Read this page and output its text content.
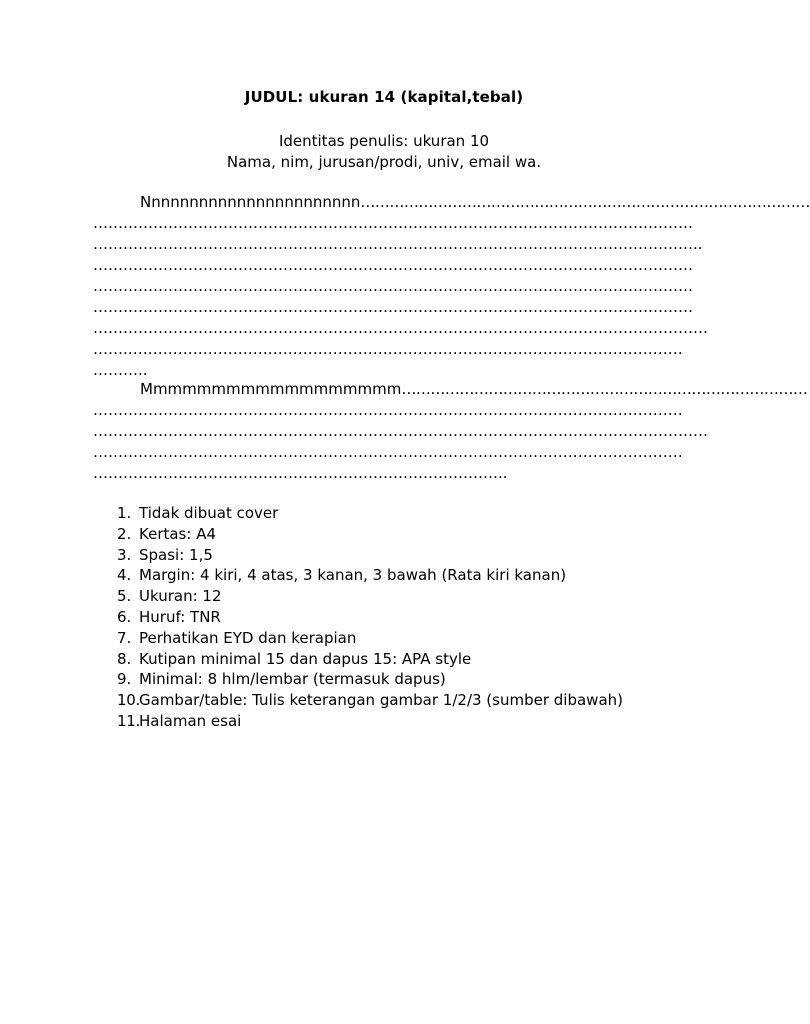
JUDUL: ukuran 14 (kapital,tebal)
Identitas penulis: ukuran 10
Nama, nim, jurusan/prodi, univ, email wa.
Nnnnnnnnnnnnnnnnnnnnnnn…………………………………………………………………………………
…………………………………………………………………………………………………………
…………………………………………………………………………………………………………..
…………………………………………………………………………………………………………
…………………………………………………………………………………………………………
…………………………………………………………………………………………………………
……………………………………………………………………………………………………………
…….…………………………………………………………………………………………………
………..
Mmmmmmmmmmmmmmmmmm…………………………………………………………………………
……………………………………………………………………………….………………………
……………………………………………………………………………………………………………
……………………………………………………………………………….………………………
………………………………………………………………………..
1. Tidak dibuat cover
2. Kertas: A4
3. Spasi: 1,5
4. Margin: 4 kiri, 4 atas, 3 kanan, 3 bawah (Rata kiri kanan)
5. Ukuran: 12
6. Huruf: TNR
7. Perhatikan EYD dan kerapian
8. Kutipan minimal 15 dan dapus 15: APA style
9. Minimal: 8 hlm/lembar (termasuk dapus)
10.Gambar/table: Tulis keterangan gambar 1/2/3 (sumber dibawah)
11.Halaman esai
